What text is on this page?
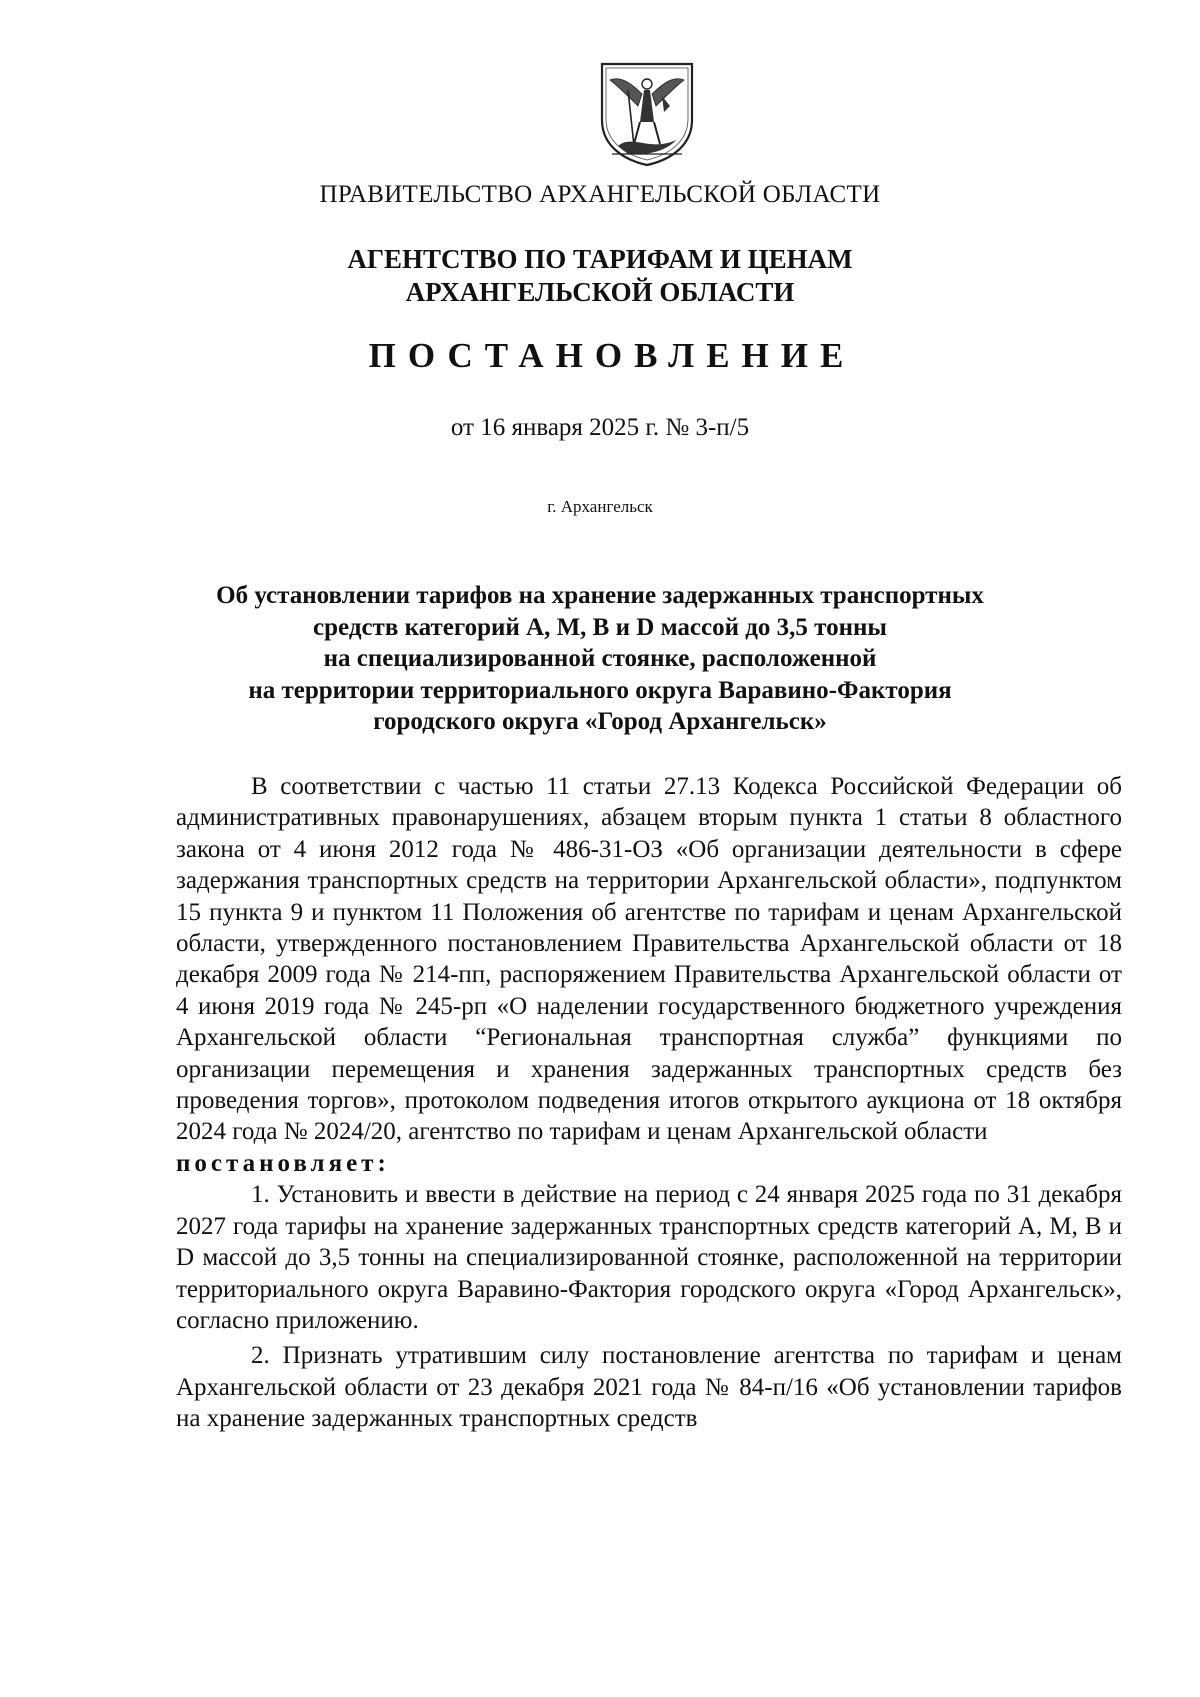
ПРАВИТЕЛЬСТВО АРХАНГЕЛЬСКОЙ ОБЛАСТИ
АГЕНТСТВО ПО ТАРИФАМ И ЦЕНАМ
АРХАНГЕЛЬСКОЙ ОБЛАСТИ
ПОСТАНОВЛЕНИЕ
от 16 января 2025 г. № 3-п/5
г. Архангельск
Об установлении тарифов на хранение задержанных транспортных
средств категорий А, М, B и D массой до 3,5 тонны
на специализированной стоянке, расположенной
на территории территориального округа Варавино-Фактория
городского округа «Город Архангельск»

В соответствии с частью 11 статьи 27.13 Кодекса Российской Федерации об административных правонарушениях, абзацем вторым пункта 1 статьи 8 областного закона от 4 июня 2012 года № 486-31-ОЗ «Об организации деятельности в сфере задержания транспортных средств на территории Архангельской области», подпунктом 15 пункта 9 и пунктом 11 Положения об агентстве по тарифам и ценам Архангельской области, утвержденного постановлением Правительства Архангельской области от 18 декабря 2009 года № 214-пп, распоряжением Правительства Архангельской области от 4 июня 2019 года № 245-рп «О наделении государственного бюджетного учреждения Архангельской области “Региональная транспортная служба” функциями по организации перемещения и хранения задержанных транспортных средств без проведения торгов», протоколом подведения итогов открытого аукциона от 18 октября 2024 года № 2024/20, агентство по тарифам и ценам Архангельской области

постановляет:

1. Установить и ввести в действие на период с 24 января 2025 года по 31 декабря 2027 года тарифы на хранение задержанных транспортных средств категорий А, М, В и D массой до 3,5 тонны на специализированной стоянке, расположенной на территории территориального округа Варавино-Фактория городского округа «Город Архангельск», согласно приложению.

2. Признать утратившим силу постановление агентства по тарифам и ценам Архангельской области от 23 декабря 2021 года № 84-п/16 «Об установлении тарифов на хранение задержанных транспортных средств
